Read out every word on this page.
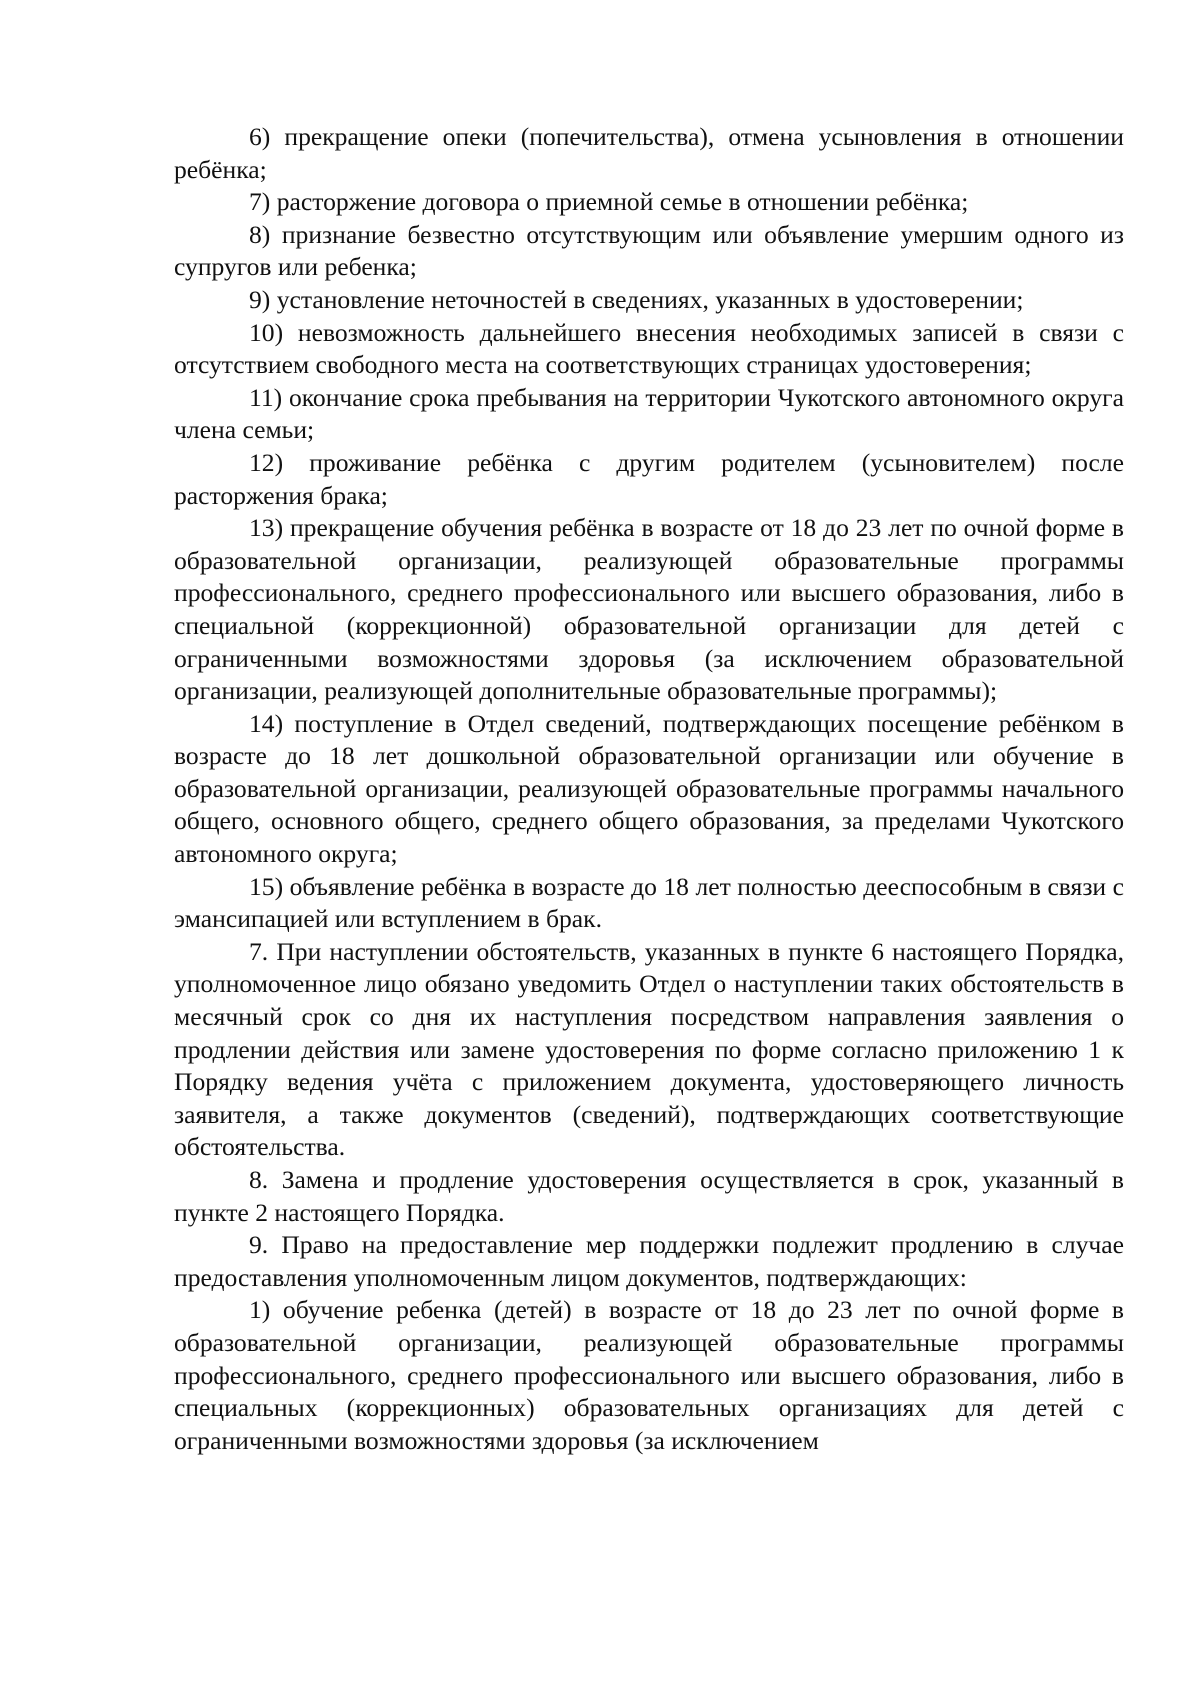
6) прекращение опеки (попечительства), отмена усыновления в отношении ребёнка;

7) расторжение договора о приемной семье в отношении ребёнка;

8) признание безвестно отсутствующим или объявление умершим одного из супругов или ребенка;

9) установление неточностей в сведениях, указанных в удостоверении;

10) невозможность дальнейшего внесения необходимых записей в связи с отсутствием свободного места на соответствующих страницах удостоверения;

11) окончание срока пребывания на территории Чукотского автономного округа члена семьи;

12) проживание ребёнка с другим родителем (усыновителем) после расторжения брака;

13) прекращение обучения ребёнка в возрасте от 18 до 23 лет по очной форме в образовательной организации, реализующей образовательные программы профессионального, среднего профессионального или высшего образования, либо в специальной (коррекционной) образовательной организации для детей с ограниченными возможностями здоровья (за исключением образовательной организации, реализующей дополнительные образовательные программы);

14) поступление в Отдел сведений, подтверждающих посещение ребёнком в возрасте до 18 лет дошкольной образовательной организации или обучение в образовательной организации, реализующей образовательные программы начального общего, основного общего, среднего общего образования, за пределами Чукотского автономного округа;

15) объявление ребёнка в возрасте до 18 лет полностью дееспособным в связи с эмансипацией или вступлением в брак.

7. При наступлении обстоятельств, указанных в пункте 6 настоящего Порядка, уполномоченное лицо обязано уведомить Отдел о наступлении таких обстоятельств в месячный срок со дня их наступления посредством направления заявления о продлении действия или замене удостоверения по форме согласно приложению 1 к Порядку ведения учёта с приложением документа, удостоверяющего личность заявителя, а также документов (сведений), подтверждающих соответствующие обстоятельства.

8. Замена и продление удостоверения осуществляется в срок, указанный в пункте 2 настоящего Порядка.

9. Право на предоставление мер поддержки подлежит продлению в случае предоставления уполномоченным лицом документов, подтверждающих:

1) обучение ребенка (детей) в возрасте от 18 до 23 лет по очной форме в образовательной организации, реализующей образовательные программы профессионального, среднего профессионального или высшего образования, либо в специальных (коррекционных) образовательных организациях для детей с ограниченными возможностями здоровья (за исключением
